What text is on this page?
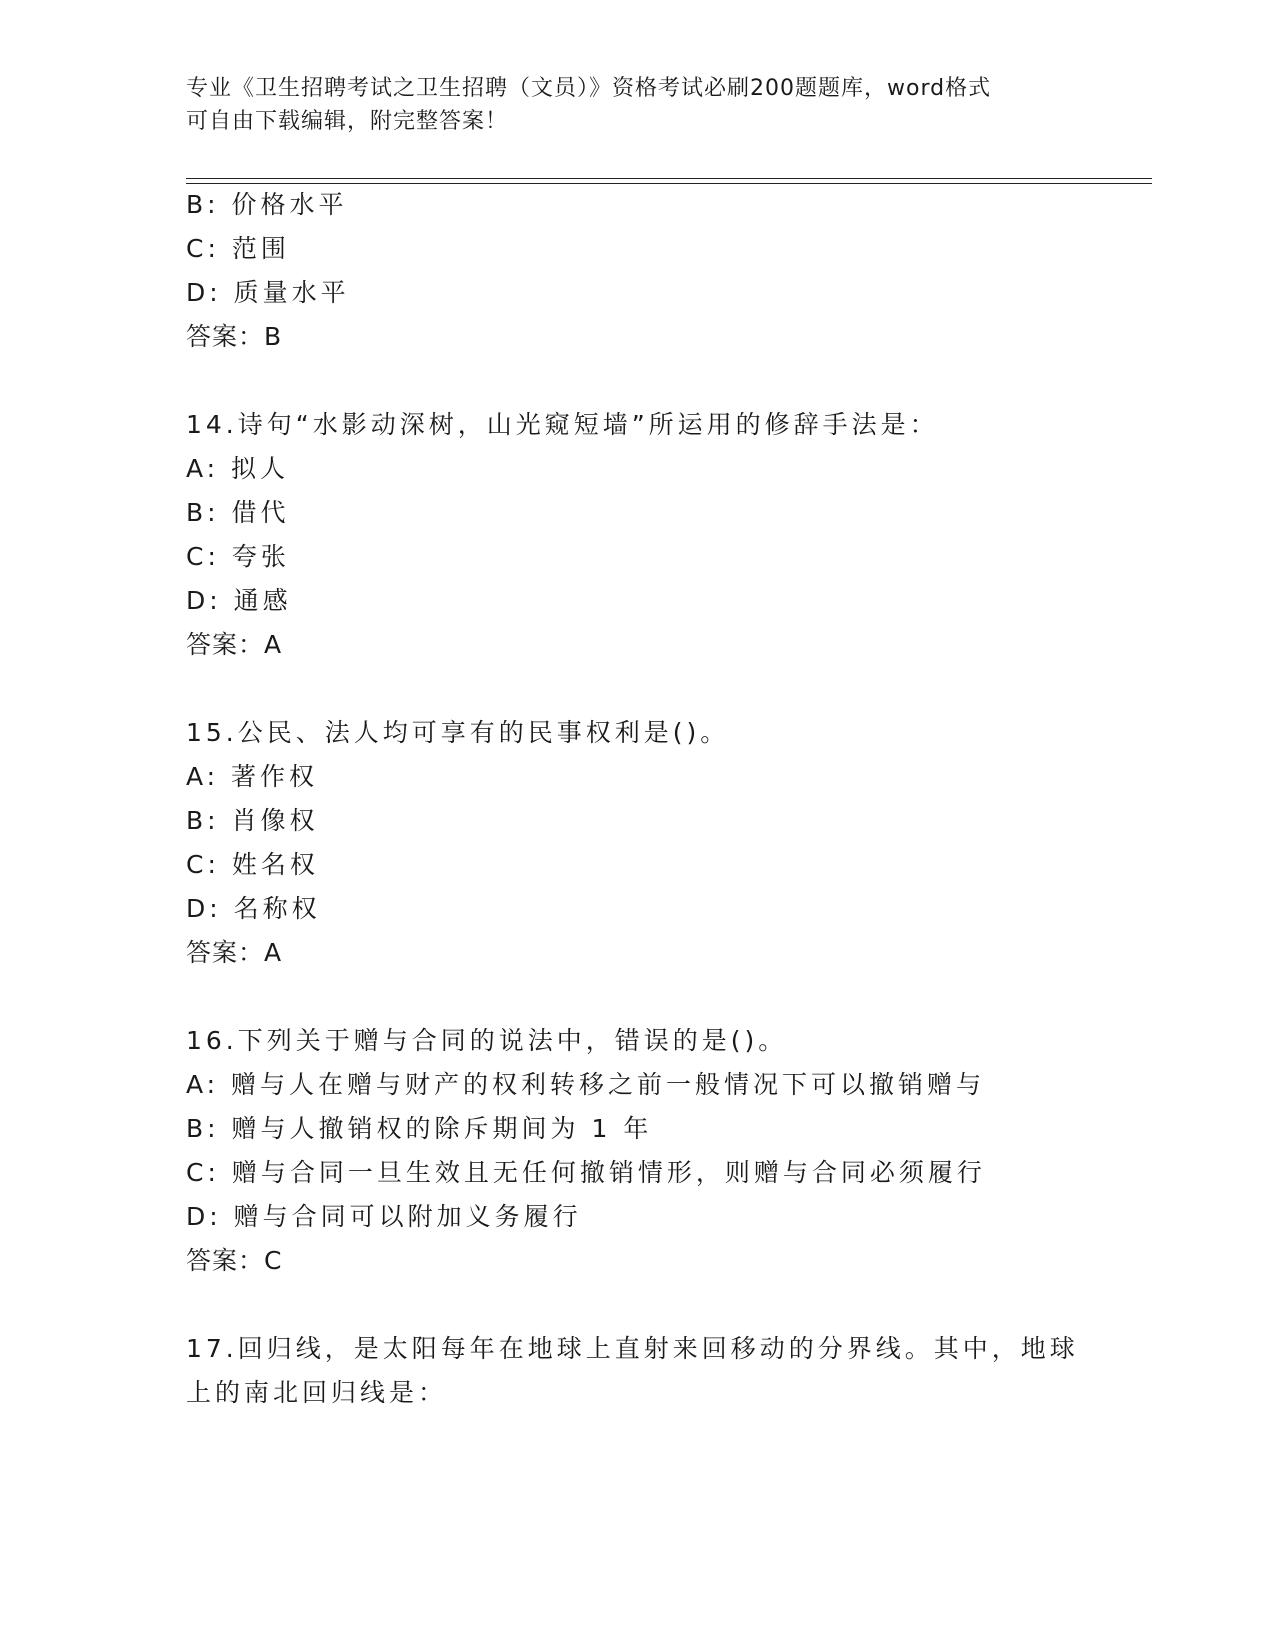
专业《卫生招聘考试之卫生招聘（文员）》资格考试必刷200题题库，word格式
可自由下载编辑，附完整答案！
B: 价格水平
C: 范围
D: 质量水平
答案：B
14.诗句“水影动深树，山光窥短墙”所运用的修辞手法是：
A: 拟人
B: 借代
C: 夸张
D: 通感
答案：A
15.公民、法人均可享有的民事权利是()。
A: 著作权
B: 肖像权
C: 姓名权
D: 名称权
答案：A
16.下列关于赠与合同的说法中，错误的是()。
A: 赠与人在赠与财产的权利转移之前一般情况下可以撤销赠与
B: 赠与人撤销权的除斥期间为 1 年
C: 赠与合同一旦生效且无任何撤销情形，则赠与合同必须履行
D: 赠与合同可以附加义务履行
答案：C
17.回归线，是太阳每年在地球上直射来回移动的分界线。其中，地球
上的南北回归线是：
